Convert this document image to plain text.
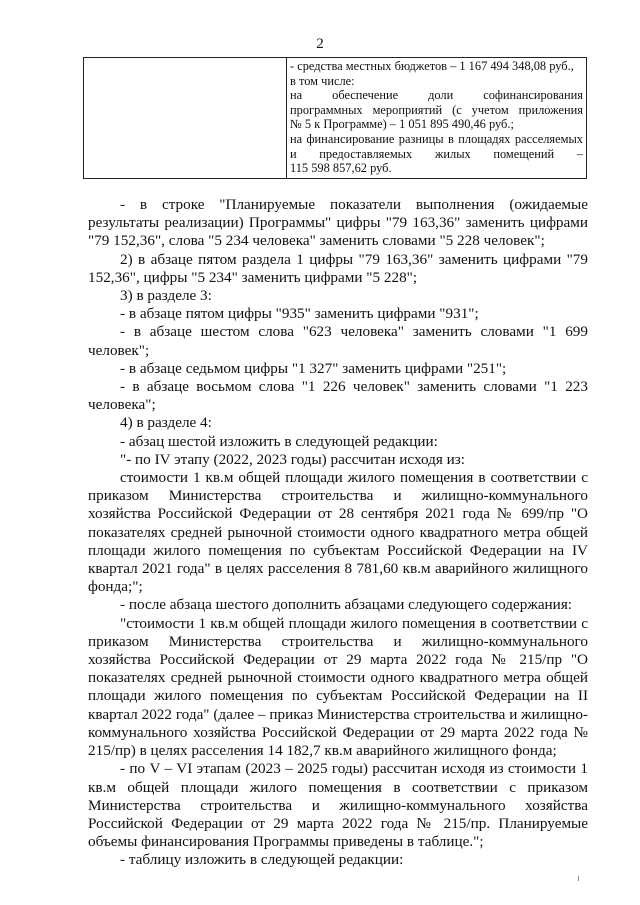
2

- средства местных бюджетов – 1 167 494 348,08 руб.,
в том числе:
на обеспечение доли софинансирования
программных мероприятий (с учетом приложения
№ 5 к Программе) – 1 051 895 490,46 руб.;
на финансирование разницы в площадях расселяемых
и предоставляемых жилых помещений –
115 598 857,62 руб.

- в строке "Планируемые показатели выполнения (ожидаемые результаты реализации) Программы" цифры "79 163,36" заменить цифрами "79 152,36", слова "5 234 человека" заменить словами "5 228 человек";

2) в абзаце пятом раздела 1 цифры "79 163,36" заменить цифрами "79 152,36", цифры "5 234" заменить цифрами "5 228";

3) в разделе 3:

- в абзаце пятом цифры "935" заменить цифрами "931";

- в абзаце шестом слова "623 человека" заменить словами "1 699 человек";

- в абзаце седьмом цифры "1 327" заменить цифрами "251";

- в абзаце восьмом слова "1 226 человек" заменить словами "1 223 человека";

4) в разделе 4:

- абзац шестой изложить в следующей редакции:

"- по IV этапу (2022, 2023 годы) рассчитан исходя из:

стоимости 1 кв.м общей площади жилого помещения в соответствии с приказом Министерства строительства и жилищно-коммунального хозяйства Российской Федерации от 28 сентября 2021 года № 699/пр "О показателях средней рыночной стоимости одного квадратного метра общей площади жилого помещения по субъектам Российской Федерации на IV квартал 2021 года" в целях расселения 8 781,60 кв.м аварийного жилищного фонда;";

- после абзаца шестого дополнить абзацами следующего содержания:

"стоимости 1 кв.м общей площади жилого помещения в соответствии с приказом Министерства строительства и жилищно-коммунального хозяйства Российской Федерации от 29 марта 2022 года № 215/пр "О показателях средней рыночной стоимости одного квадратного метра общей площади жилого помещения по субъектам Российской Федерации на II квартал 2022 года" (далее – приказ Министерства строительства и жилищно-коммунального хозяйства Российской Федерации от 29 марта 2022 года № 215/пр) в целях расселения 14 182,7 кв.м аварийного жилищного фонда;

- по V – VI этапам (2023 – 2025 годы) рассчитан исходя из стоимости 1 кв.м общей площади жилого помещения в соответствии с приказом Министерства строительства и жилищно-коммунального хозяйства Российской Федерации от 29 марта 2022 года № 215/пр. Планируемые объемы финансирования Программы приведены в таблице.";

- таблицу изложить в следующей редакции:
